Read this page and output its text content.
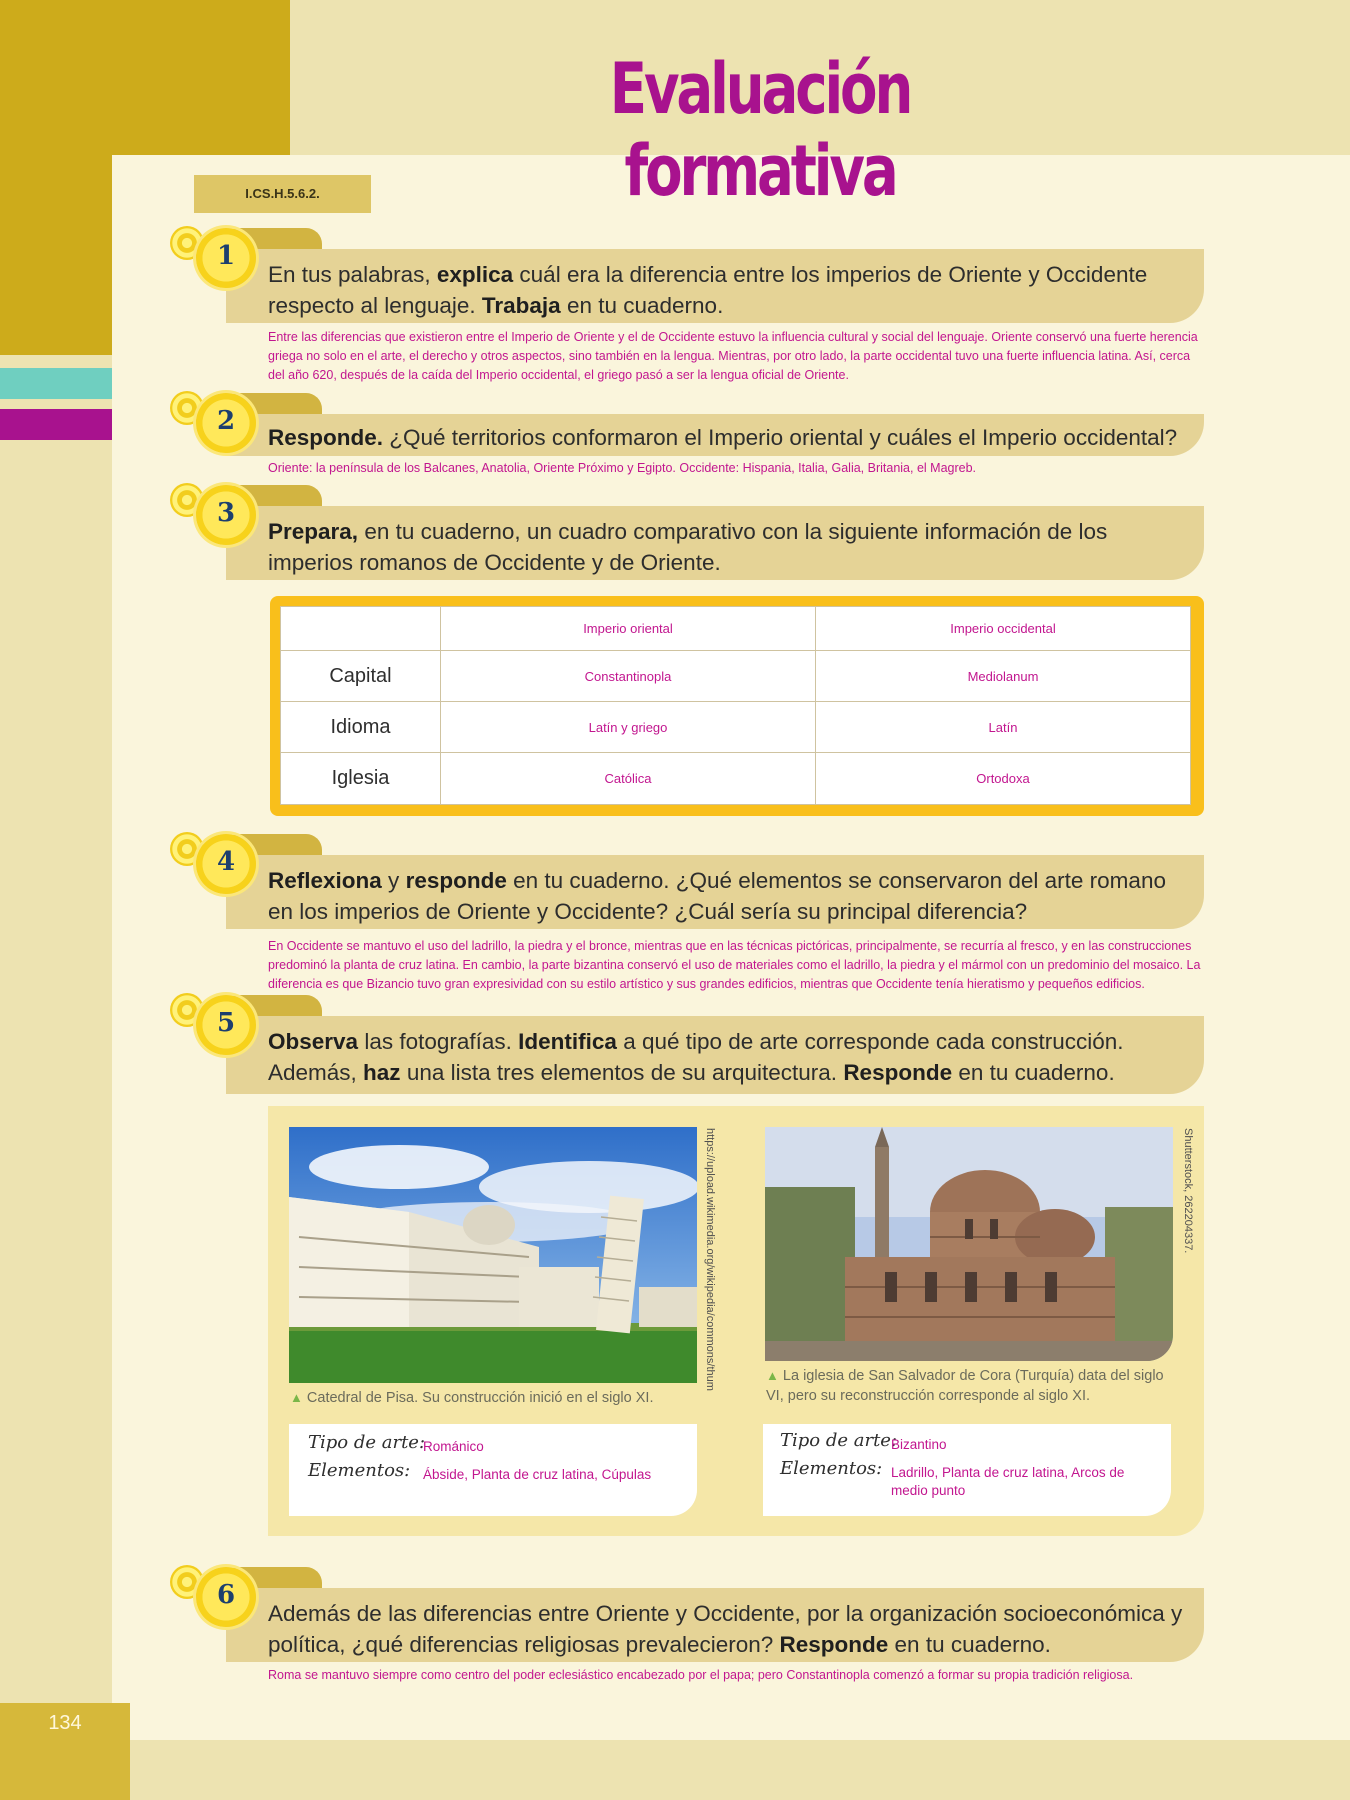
134
Evaluación formativa
I.CS.H.5.6.2.
En tus palabras, explica cuál era la diferencia entre los imperios de Oriente y Occidente respecto al lenguaje. Trabaja en tu cuaderno.
1
Entre las diferencias que existieron entre el Imperio de Oriente y el de Occidente estuvo la influencia cultural y social del lenguaje. Oriente conservó una fuerte herencia griega no solo en el arte, el derecho y otros aspectos, sino también en la lengua. Mientras, por otro lado, la parte occidental tuvo una fuerte influencia latina. Así, cerca del año 620, después de la caída del Imperio occidental, el griego pasó a ser la lengua oficial de Oriente.
Responde. ¿Qué territorios conformaron el Imperio oriental y cuáles el Imperio occidental?
2
Oriente: la península de los Balcanes, Anatolia, Oriente Próximo y Egipto. Occidente: Hispania, Italia, Galia, Britania, el Magreb.
Prepara, en tu cuaderno, un cuadro comparativo con la siguiente información de los imperios romanos de Occidente y de Oriente.
3
	Imperio oriental	Imperio occidental
Capital	Constantinopla	Mediolanum
Idioma	Latín y griego	Latín
Iglesia	Católica	Ortodoxa
Reflexiona y responde en tu cuaderno. ¿Qué elementos se conservaron del arte romano en los imperios de Oriente y Occidente? ¿Cuál sería su principal diferencia?
4
En Occidente se mantuvo el uso del ladrillo, la piedra y el bronce, mientras que en las técnicas pictóricas, principalmente, se recurría al fresco, y en las construcciones predominó la planta de cruz latina. En cambio, la parte bizantina conservó el uso de materiales como el ladrillo, la piedra y el mármol con un predominio del mosaico. La diferencia es que Bizancio tuvo gran expresividad con su estilo artístico y sus grandes edificios, mientras que Occidente tenía hieratismo y pequeños edificios.
Observa las fotografías. Identifica a qué tipo de arte corresponde cada construcción. Además, haz una lista tres elementos de su arquitectura. Responde en tu cuaderno.
5
https://upload.wikimedia.org/wikipedia/commons/thum
▲ Catedral de Pisa. Su construcción inició en el siglo XI.
Tipo de arte:
Románico
Elementos: Ábside, Planta de cruz latina, Cúpulas
Shutterstock, 262204337.
▲ La iglesia de San Salvador de Cora (Turquía) data del siglo VI, pero su reconstrucción corresponde al siglo XI.
Tipo de arte:
Bizantino
Elementos: Ladrillo, Planta de cruz latina, Arcos de medio punto
Además de las diferencias entre Oriente y Occidente, por la organización socioeconómica y política, ¿qué diferencias religiosas prevalecieron? Responde en tu cuaderno.
6
Roma se mantuvo siempre como centro del poder eclesiástico encabezado por el papa; pero Constantinopla comenzó a formar su propia tradición religiosa.
